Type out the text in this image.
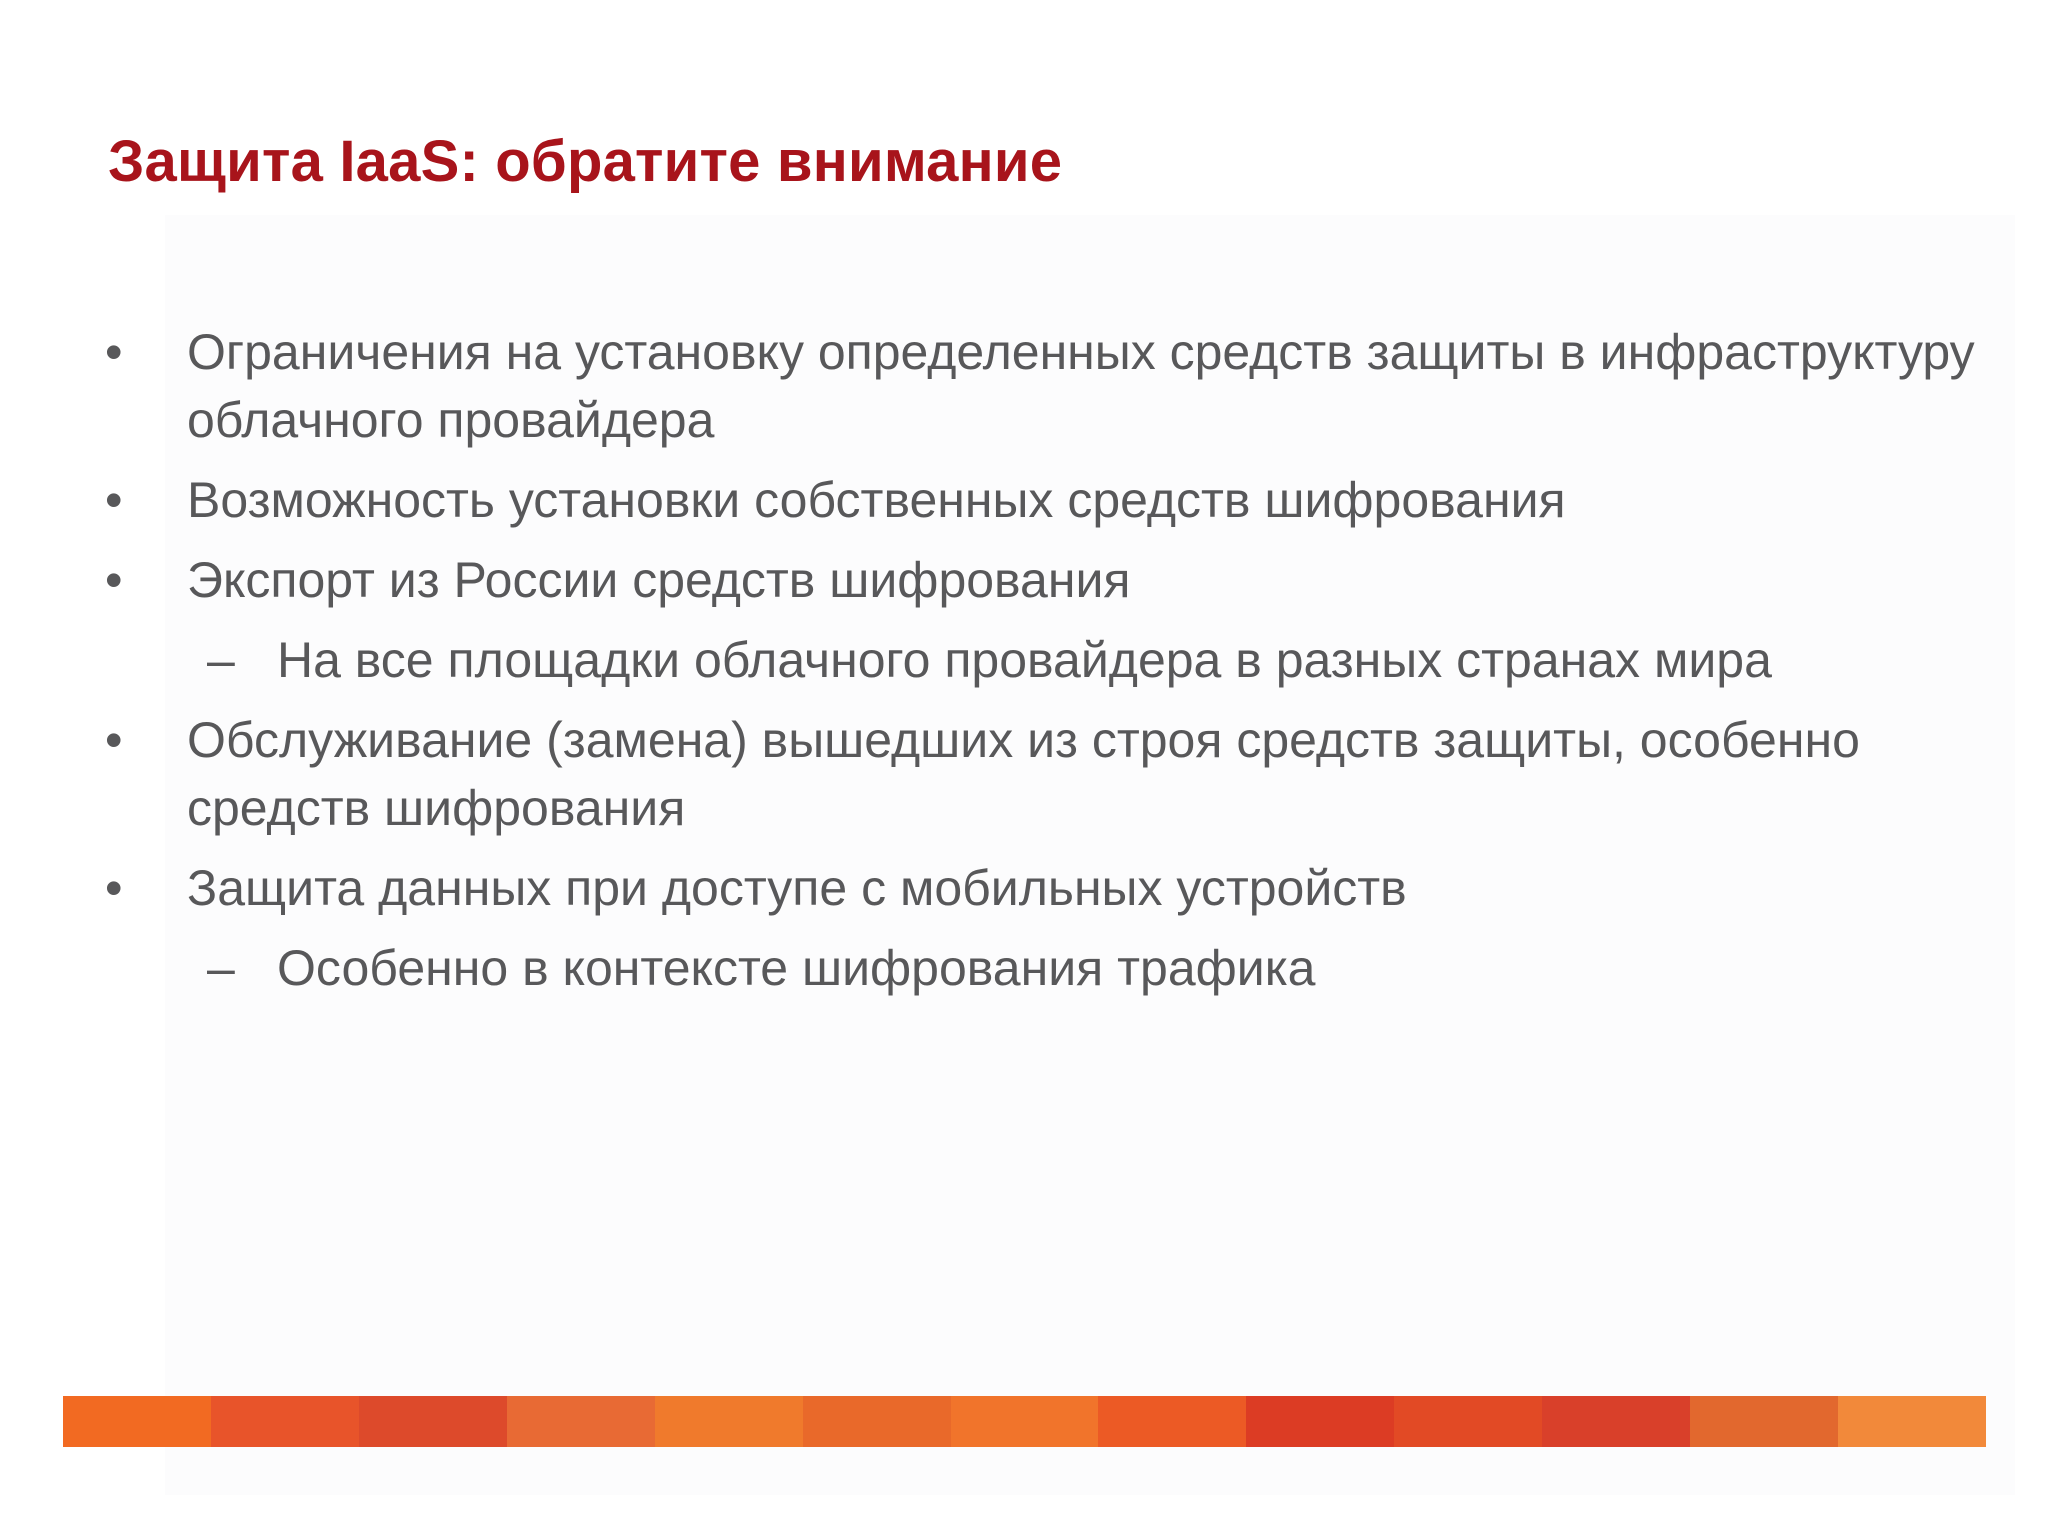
Защита IaaS: обратите внимание
• Ограничения на установку определенных средств защиты в инфраструктуру облачного провайдера
• Возможность установки собственных средств шифрования
• Экспорт из России средств шифрования
– На все площадки облачного провайдера в разных странах мира
• Обслуживание (замена) вышедших из строя средств защиты, особенно средств шифрования
• Защита данных при доступе с мобильных устройств
– Особенно в контексте шифрования трафика
